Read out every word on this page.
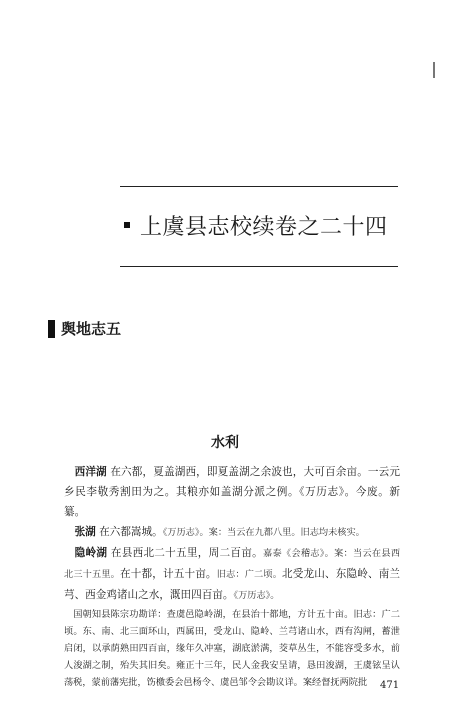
上虞县志校续卷之二十四
舆地志五
水利

西洋湖 在六都，夏盖湖西，即夏盖湖之余波也，大可百余亩。一云元乡民李敬秀割田为之。其粮亦如盖湖分派之例。《万历志》。今废。新纂。

张湖 在六都嵩城。《万历志》。案：当云在九都八里。旧志均未核实。

隐岭湖 在县西北二十五里，周二百亩。嘉泰《会稽志》。案：当云在县西北三十五里。在十都，计五十亩。旧志：广二顷。北受龙山、东隐岭、南兰芎、西金鸡诸山之水，溉田四百亩。《万历志》。

国朝知县陈宗功勘详：查虞邑隐岭湖，在县治十都地，方计五十亩。旧志：广二顷。东、南、北三面环山，西属田，受龙山、隐岭、兰芎诸山水，西有沟闸，蓄泄启闭，以承荫熟田四百亩，缘年久冲塞，湖底淤满，茭草丛生，不能容受多水，前人浚湖之制，殆失其旧矣。雍正十三年，民人金我安呈请，恳田浚湖，王虞铉呈认荡税，蒙前藩宪批，饬檄委会邑杨令、虞邑邹令会勘议详。案经督抚两院批	471
